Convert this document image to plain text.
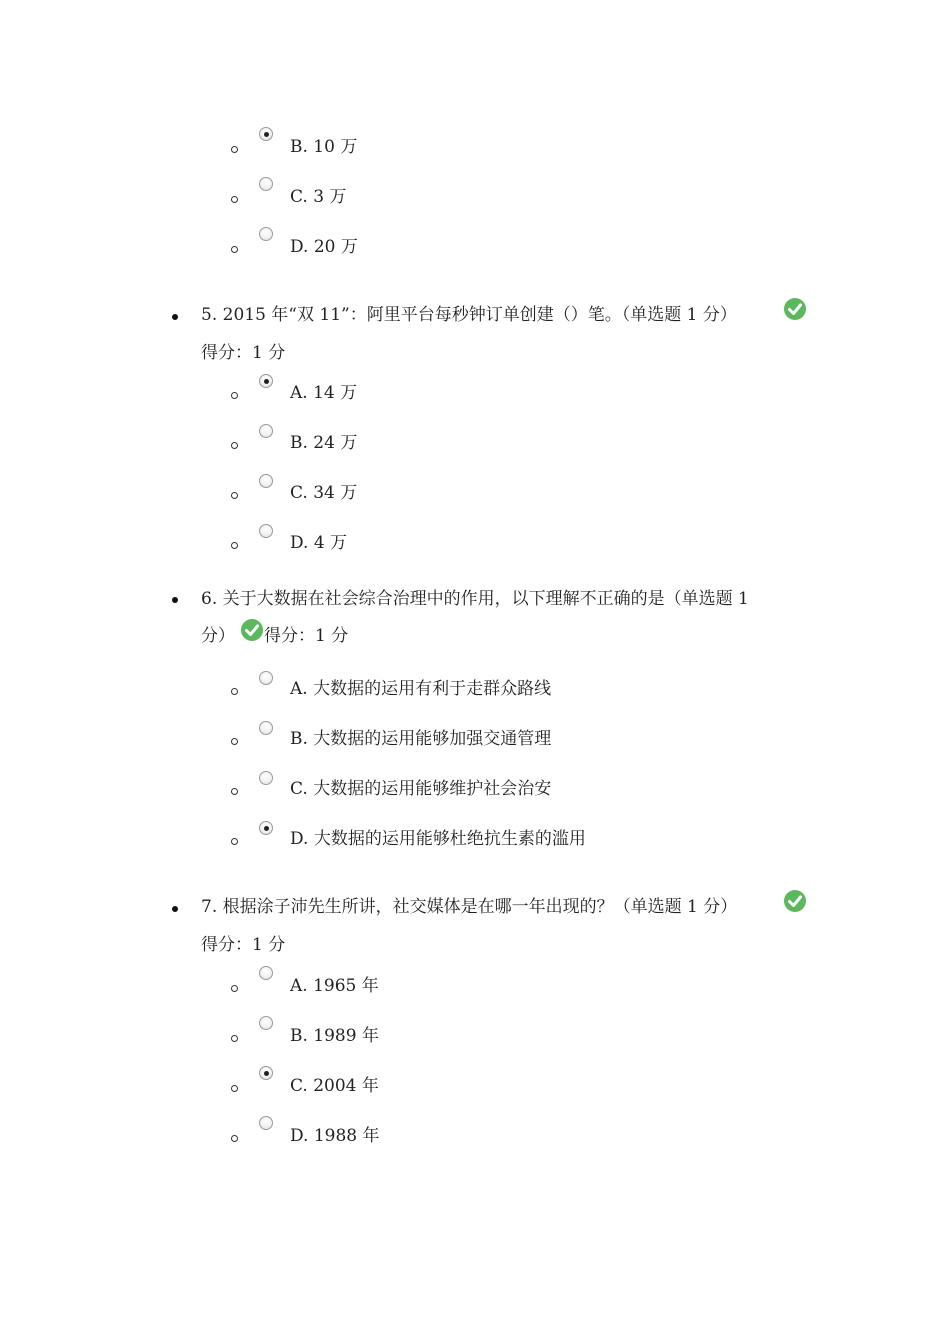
B. 10 万
C. 3 万
D. 20 万
5. 2015 年“双 11”：阿里平台每秒钟订单创建（）笔。（单选题 1 分）
得分：1 分
A. 14 万
B. 24 万
C. 34 万
D. 4 万
6. 关于大数据在社会综合治理中的作用，以下理解不正确的是（单选题 1
分） 得分：1 分
A. 大数据的运用有利于走群众路线
B. 大数据的运用能够加强交通管理
C. 大数据的运用能够维护社会治安
D. 大数据的运用能够杜绝抗生素的滥用
7. 根据涂子沛先生所讲，社交媒体是在哪一年出现的？（单选题 1 分）
得分：1 分
A. 1965 年
B. 1989 年
C. 2004 年
D. 1988 年
